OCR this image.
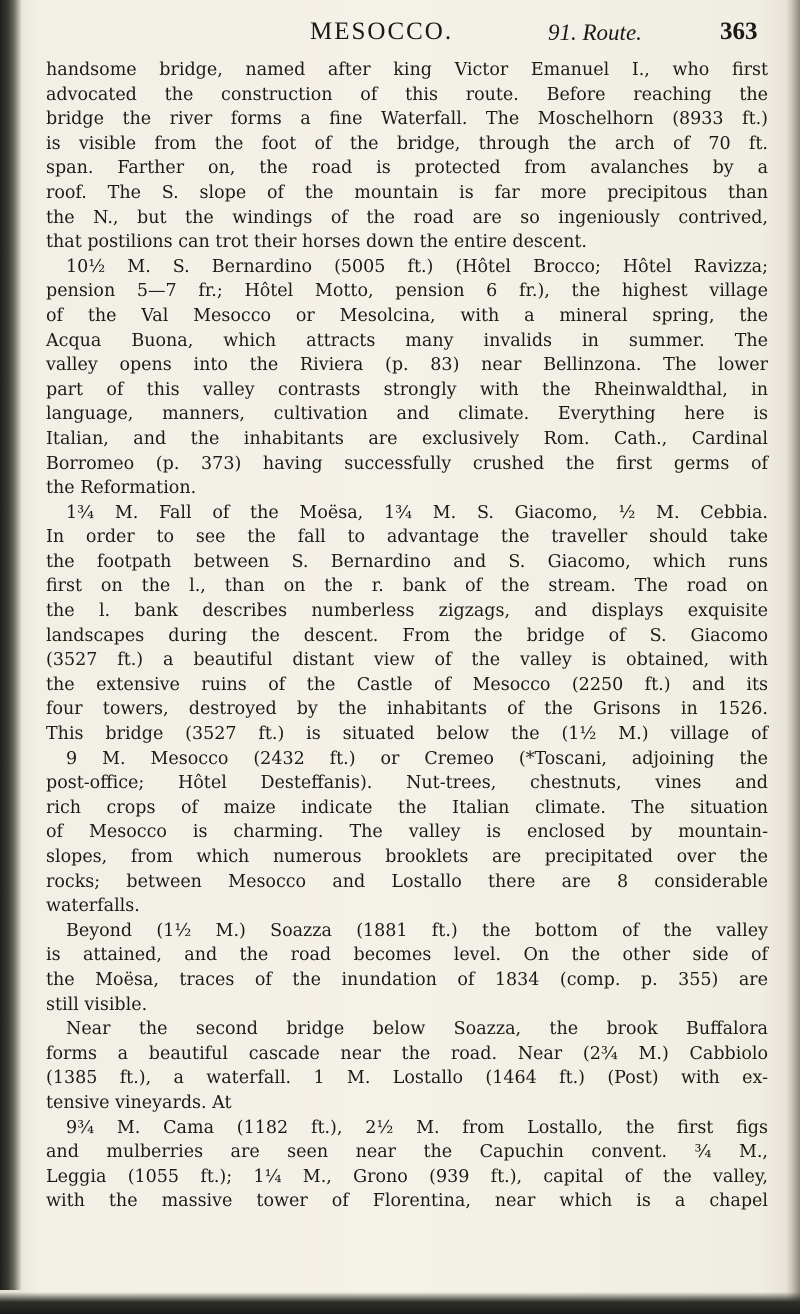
MESOCCO.	91. Route.	363
handsome bridge, named after king Victor Emanuel I., who first
advocated the construction of this route. Before reaching the
bridge the river forms a fine Waterfall. The Moschelhorn (8933 ft.)
is visible from the foot of the bridge, through the arch of 70 ft.
span. Farther on, the road is protected from avalanches by a
roof. The S. slope of the mountain is far more precipitous than
the N., but the windings of the road are so ingeniously contrived,
that postilions can trot their horses down the entire descent.
10½ M. S. Bernardino (5005 ft.) (Hôtel Brocco; Hôtel Ravizza;
pension 5—7 fr.; Hôtel Motto, pension 6 fr.), the highest village
of the Val Mesocco or Mesolcina, with a mineral spring, the
Acqua Buona, which attracts many invalids in summer. The
valley opens into the Riviera (p. 83) near Bellinzona. The lower
part of this valley contrasts strongly with the Rheinwaldthal, in
language, manners, cultivation and climate. Everything here is
Italian, and the inhabitants are exclusively Rom. Cath., Cardinal
Borromeo (p. 373) having successfully crushed the first germs of
the Reformation.
1¾ M. Fall of the Moësa, 1¾ M. S. Giacomo, ½ M. Cebbia.
In order to see the fall to advantage the traveller should take
the footpath between S. Bernardino and S. Giacomo, which runs
first on the l., than on the r. bank of the stream. The road on
the l. bank describes numberless zigzags, and displays exquisite
landscapes during the descent. From the bridge of S. Giacomo
(3527 ft.) a beautiful distant view of the valley is obtained, with
the extensive ruins of the Castle of Mesocco (2250 ft.) and its
four towers, destroyed by the inhabitants of the Grisons in 1526.
This bridge (3527 ft.) is situated below the (1½ M.) village of
9 M. Mesocco (2432 ft.) or Cremeo (*Toscani, adjoining the
post-office; Hôtel Desteffanis). Nut-trees, chestnuts, vines and
rich crops of maize indicate the Italian climate. The situation
of Mesocco is charming. The valley is enclosed by mountain-
slopes, from which numerous brooklets are precipitated over the
rocks; between Mesocco and Lostallo there are 8 considerable
waterfalls.
Beyond (1½ M.) Soazza (1881 ft.) the bottom of the valley
is attained, and the road becomes level. On the other side of
the Moësa, traces of the inundation of 1834 (comp. p. 355) are
still visible.
Near the second bridge below Soazza, the brook Buffalora
forms a beautiful cascade near the road. Near (2¾ M.) Cabbiolo
(1385 ft.), a waterfall. 1 M. Lostallo (1464 ft.) (Post) with ex-
tensive vineyards. At
9¾ M. Cama (1182 ft.), 2½ M. from Lostallo, the first figs
and mulberries are seen near the Capuchin convent. ¾ M.,
Leggia (1055 ft.); 1¼ M., Grono (939 ft.), capital of the valley,
with the massive tower of Florentina, near which is a chapel
